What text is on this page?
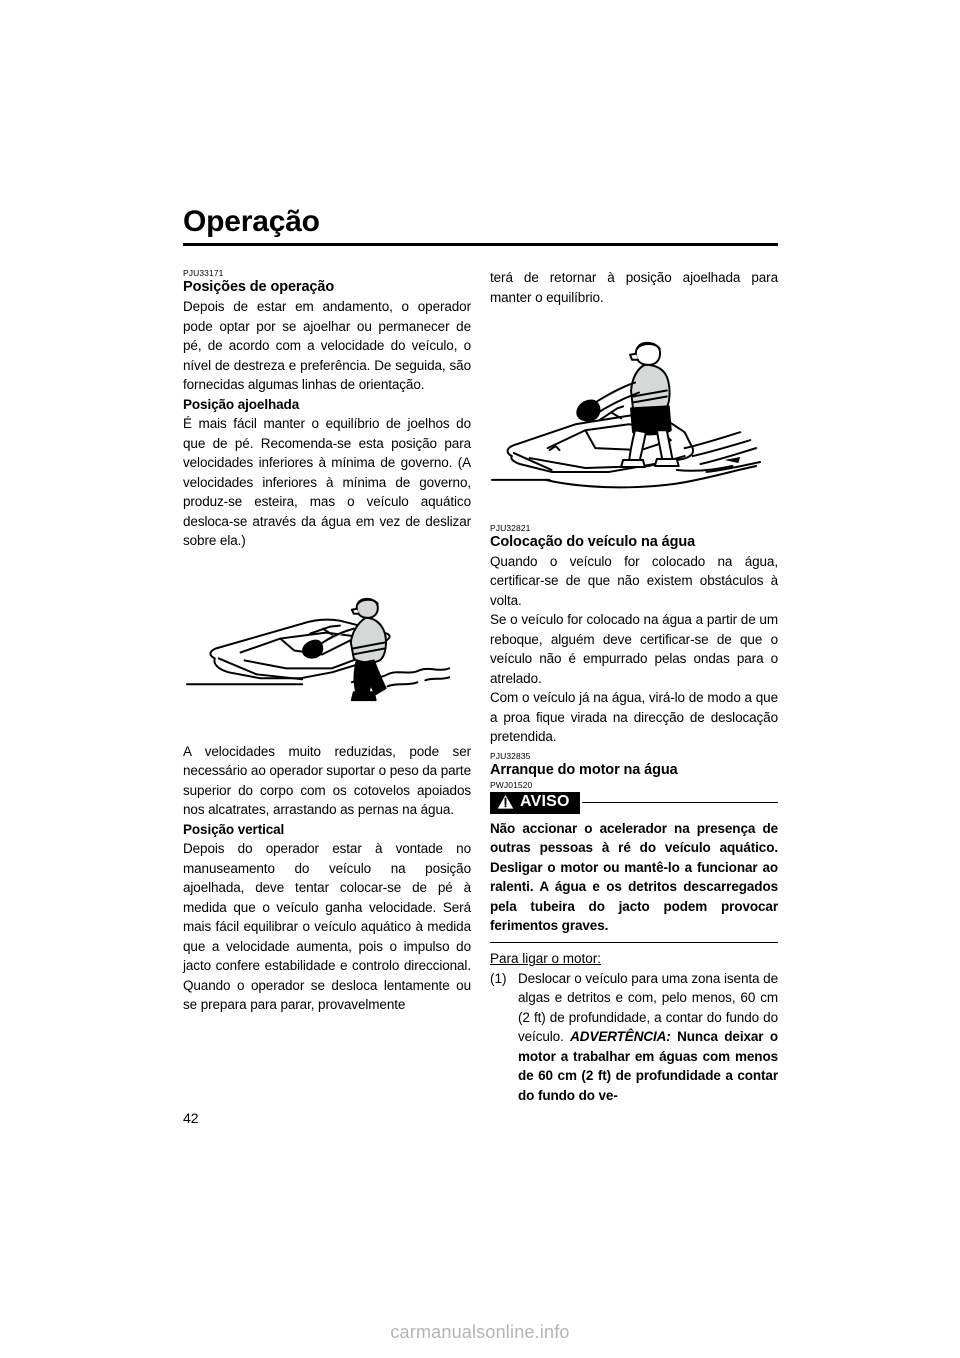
Operação
PJU33171
Posições de operação

Depois de estar em andamento, o operador pode optar por se ajoelhar ou permanecer de pé, de acordo com a velocidade do veículo, o nível de destreza e preferência. De seguida, são fornecidas algumas linhas de orientação.

Posição ajoelhada

É mais fácil manter o equilíbrio de joelhos do que de pé. Recomenda-se esta posição para velocidades inferiores à mínima de governo. (A velocidades inferiores à mínima de governo, produz-se esteira, mas o veículo aquático desloca-se através da água em vez de deslizar sobre ela.)

A velocidades muito reduzidas, pode ser necessário ao operador suportar o peso da parte superior do corpo com os cotovelos apoiados nos alcatrates, arrastando as pernas na água.

Posição vertical

Depois do operador estar à vontade no manuseamento do veículo na posição ajoelhada, deve tentar colocar-se de pé à medida que o veículo ganha velocidade. Será mais fácil equilibrar o veículo aquático à medida que a velocidade aumenta, pois o impulso do jacto confere estabilidade e controlo direccional. Quando o operador se desloca lentamente ou se prepara para parar, provavelmente

terá de retornar à posição ajoelhada para manter o equilíbrio.

PJU32821
Colocação do veículo na água

Quando o veículo for colocado na água, certificar-se de que não existem obstáculos à volta.

Se o veículo for colocado na água a partir de um reboque, alguém deve certificar-se de que o veículo não é empurrado pelas ondas para o atrelado.

Com o veículo já na água, virá-lo de modo a que a proa fique virada na direcção de deslocação pretendida.

PJU32835
Arranque do motor na água
PWJ01520
AVISO

Não accionar o acelerador na presença de outras pessoas à ré do veículo aquático. Desligar o motor ou mantê-lo a funcionar ao ralenti. A água e os detritos descarregados pela tubeira do jacto podem provocar ferimentos graves.

Para ligar o motor:

(1) Deslocar o veículo para uma zona isenta de algas e detritos e com, pelo menos, 60 cm (2 ft) de profundidade, a contar do fundo do veículo. ADVERTÊNCIA: Nunca deixar o motor a trabalhar em águas com menos de 60 cm (2 ft) de profundidade a contar do fundo do ve-
42
carmanualsonline.info
